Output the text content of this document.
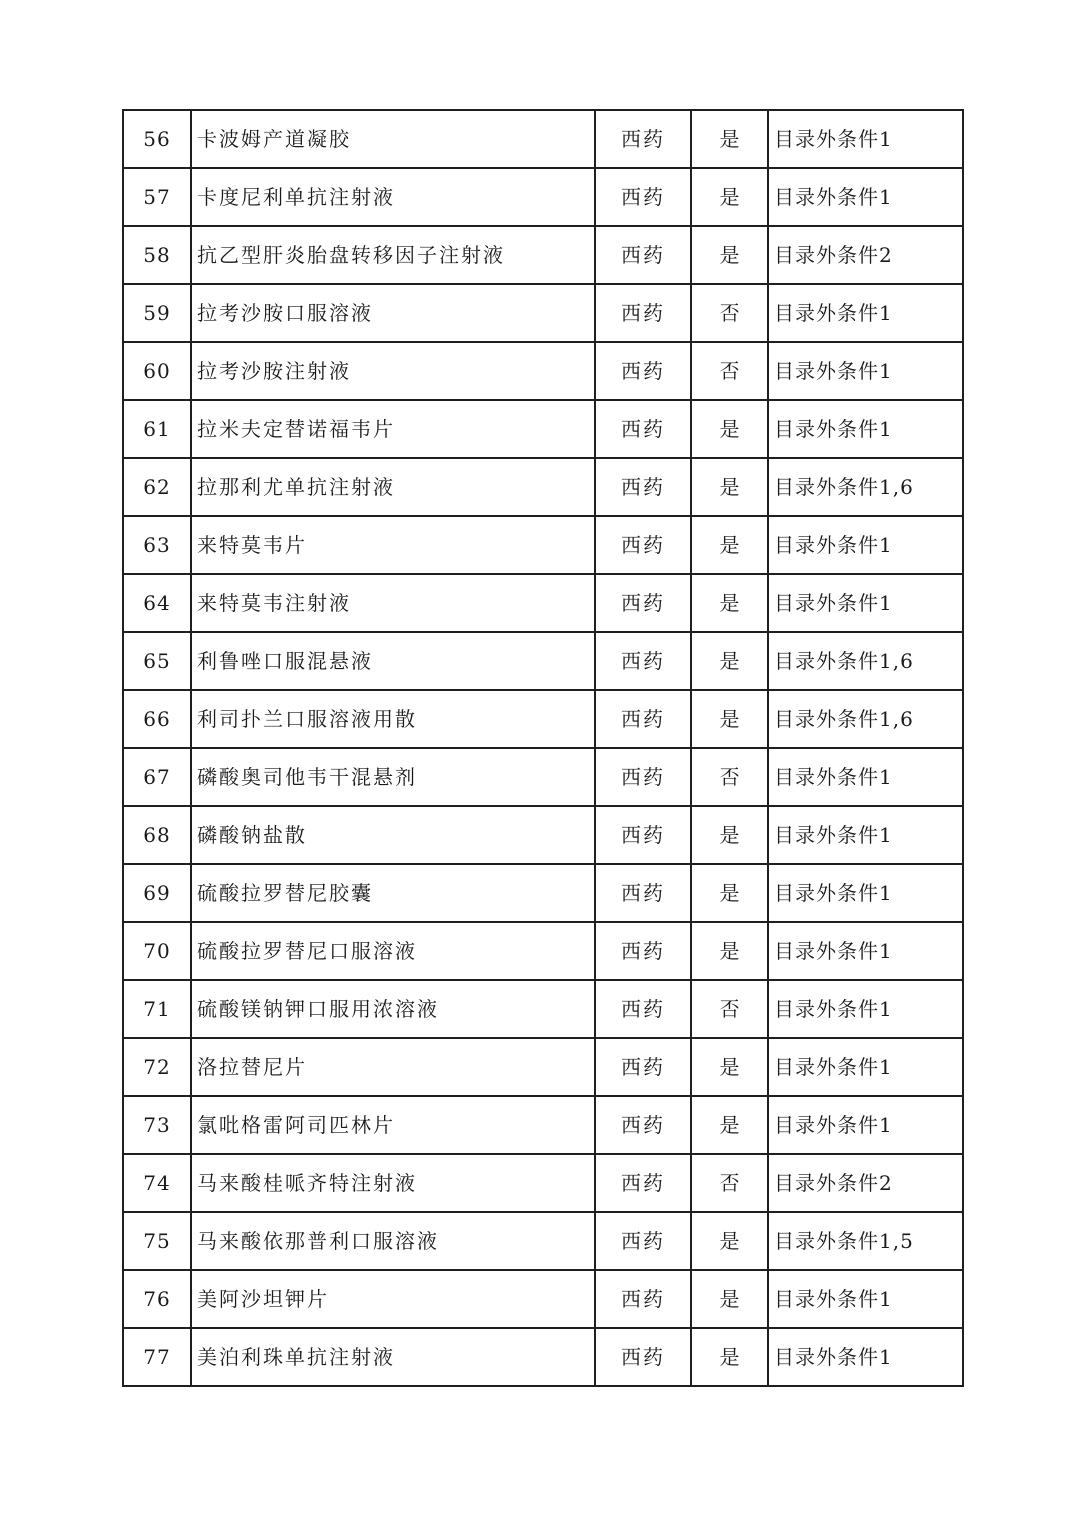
56	卡波姆产道凝胶	西药	是	目录外条件1
57	卡度尼利单抗注射液	西药	是	目录外条件1
58	抗乙型肝炎胎盘转移因子注射液	西药	是	目录外条件2
59	拉考沙胺口服溶液	西药	否	目录外条件1
60	拉考沙胺注射液	西药	否	目录外条件1
61	拉米夫定替诺福韦片	西药	是	目录外条件1
62	拉那利尤单抗注射液	西药	是	目录外条件1,6
63	来特莫韦片	西药	是	目录外条件1
64	来特莫韦注射液	西药	是	目录外条件1
65	利鲁唑口服混悬液	西药	是	目录外条件1,6
66	利司扑兰口服溶液用散	西药	是	目录外条件1,6
67	磷酸奥司他韦干混悬剂	西药	否	目录外条件1
68	磷酸钠盐散	西药	是	目录外条件1
69	硫酸拉罗替尼胶囊	西药	是	目录外条件1
70	硫酸拉罗替尼口服溶液	西药	是	目录外条件1
71	硫酸镁钠钾口服用浓溶液	西药	否	目录外条件1
72	洛拉替尼片	西药	是	目录外条件1
73	氯吡格雷阿司匹林片	西药	是	目录外条件1
74	马来酸桂哌齐特注射液	西药	否	目录外条件2
75	马来酸依那普利口服溶液	西药	是	目录外条件1,5
76	美阿沙坦钾片	西药	是	目录外条件1
77	美泊利珠单抗注射液	西药	是	目录外条件1
